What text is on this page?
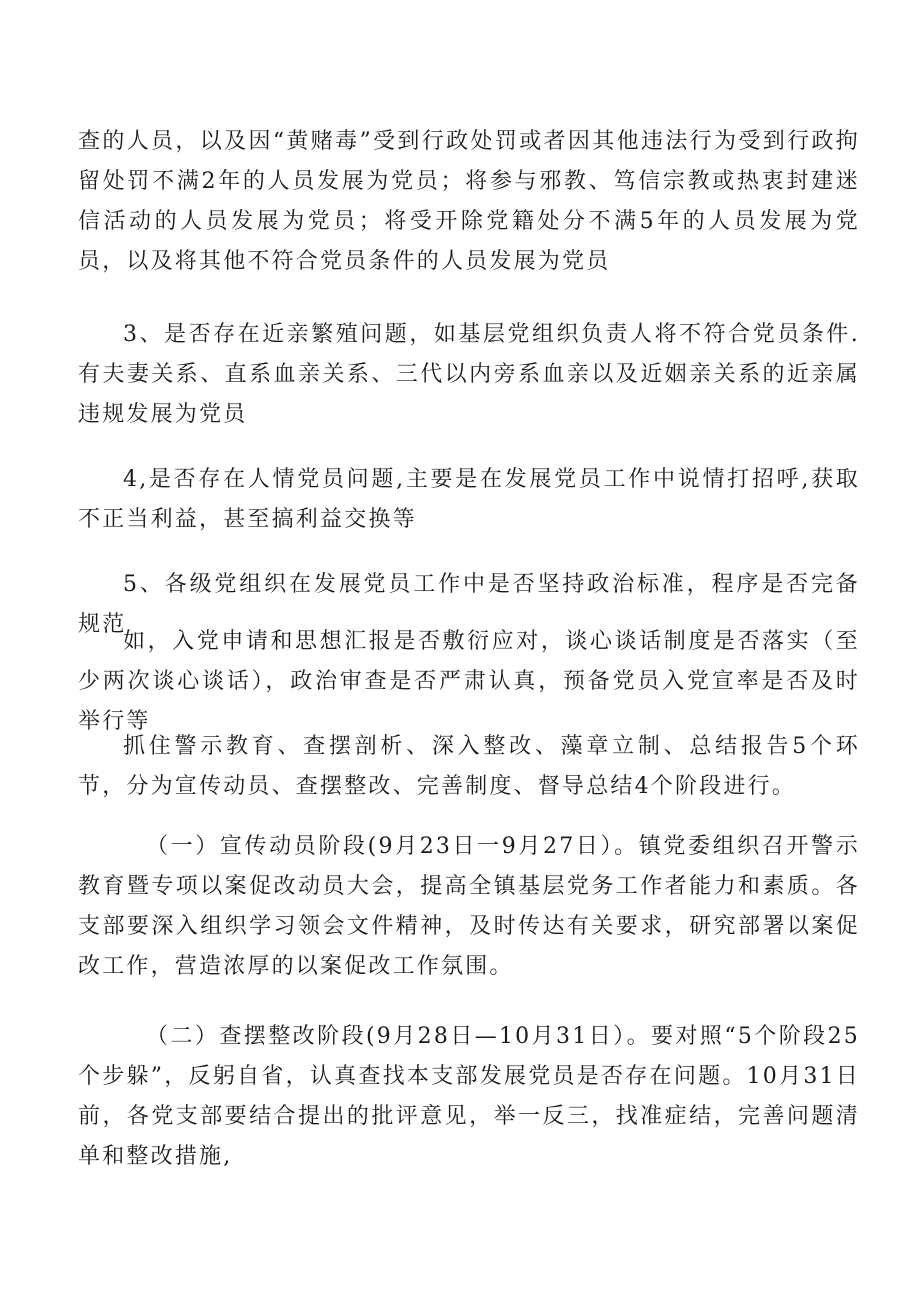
查的人员，以及因“黄赌毒”受到行政处罚或者因其他违法行为受到行政拘留处罚不满2年的人员发展为党员；将参与邪教、笃信宗教或热衷封建迷信活动的人员发展为党员；将受开除党籍处分不满5年的人员发展为党员，以及将其他不符合党员条件的人员发展为党员

3、是否存在近亲繁殖问题，如基层党组织负责人将不符合党员条件.有夫妻关系、直系血亲关系、三代以内旁系血亲以及近姻亲关系的近亲属违规发展为党员

4,是否存在人情党员问题,主要是在发展党员工作中说情打招呼,获取不正当利益，甚至搞利益交换等

5、各级党组织在发展党员工作中是否坚持政治标准，程序是否完备规范

如，入党申请和思想汇报是否敷衍应对，谈心谈话制度是否落实（至少两次谈心谈话），政治审查是否严肃认真，预备党员入党宣率是否及时举行等

抓住警示教育、查摆剖析、深入整改、藻章立制、总结报告5个环节，分为宣传动员、查摆整改、完善制度、督导总结4个阶段进行。

（一）宣传动员阶段(9月23日一9月27日）。镇党委组织召开警示教育暨专项以案促改动员大会，提高全镇基层党务工作者能力和素质。各支部要深入组织学习领会文件精神，及时传达有关要求，研究部署以案促改工作，营造浓厚的以案促改工作氛围。

（二）查摆整改阶段(9月28日—10月31日）。要对照“5个阶段25个步躲”，反躬自省，认真查找本支部发展党员是否存在问题。10月31日前，各党支部要结合提出的批评意见，举一反三，找准症结，完善问题清单和整改措施,
